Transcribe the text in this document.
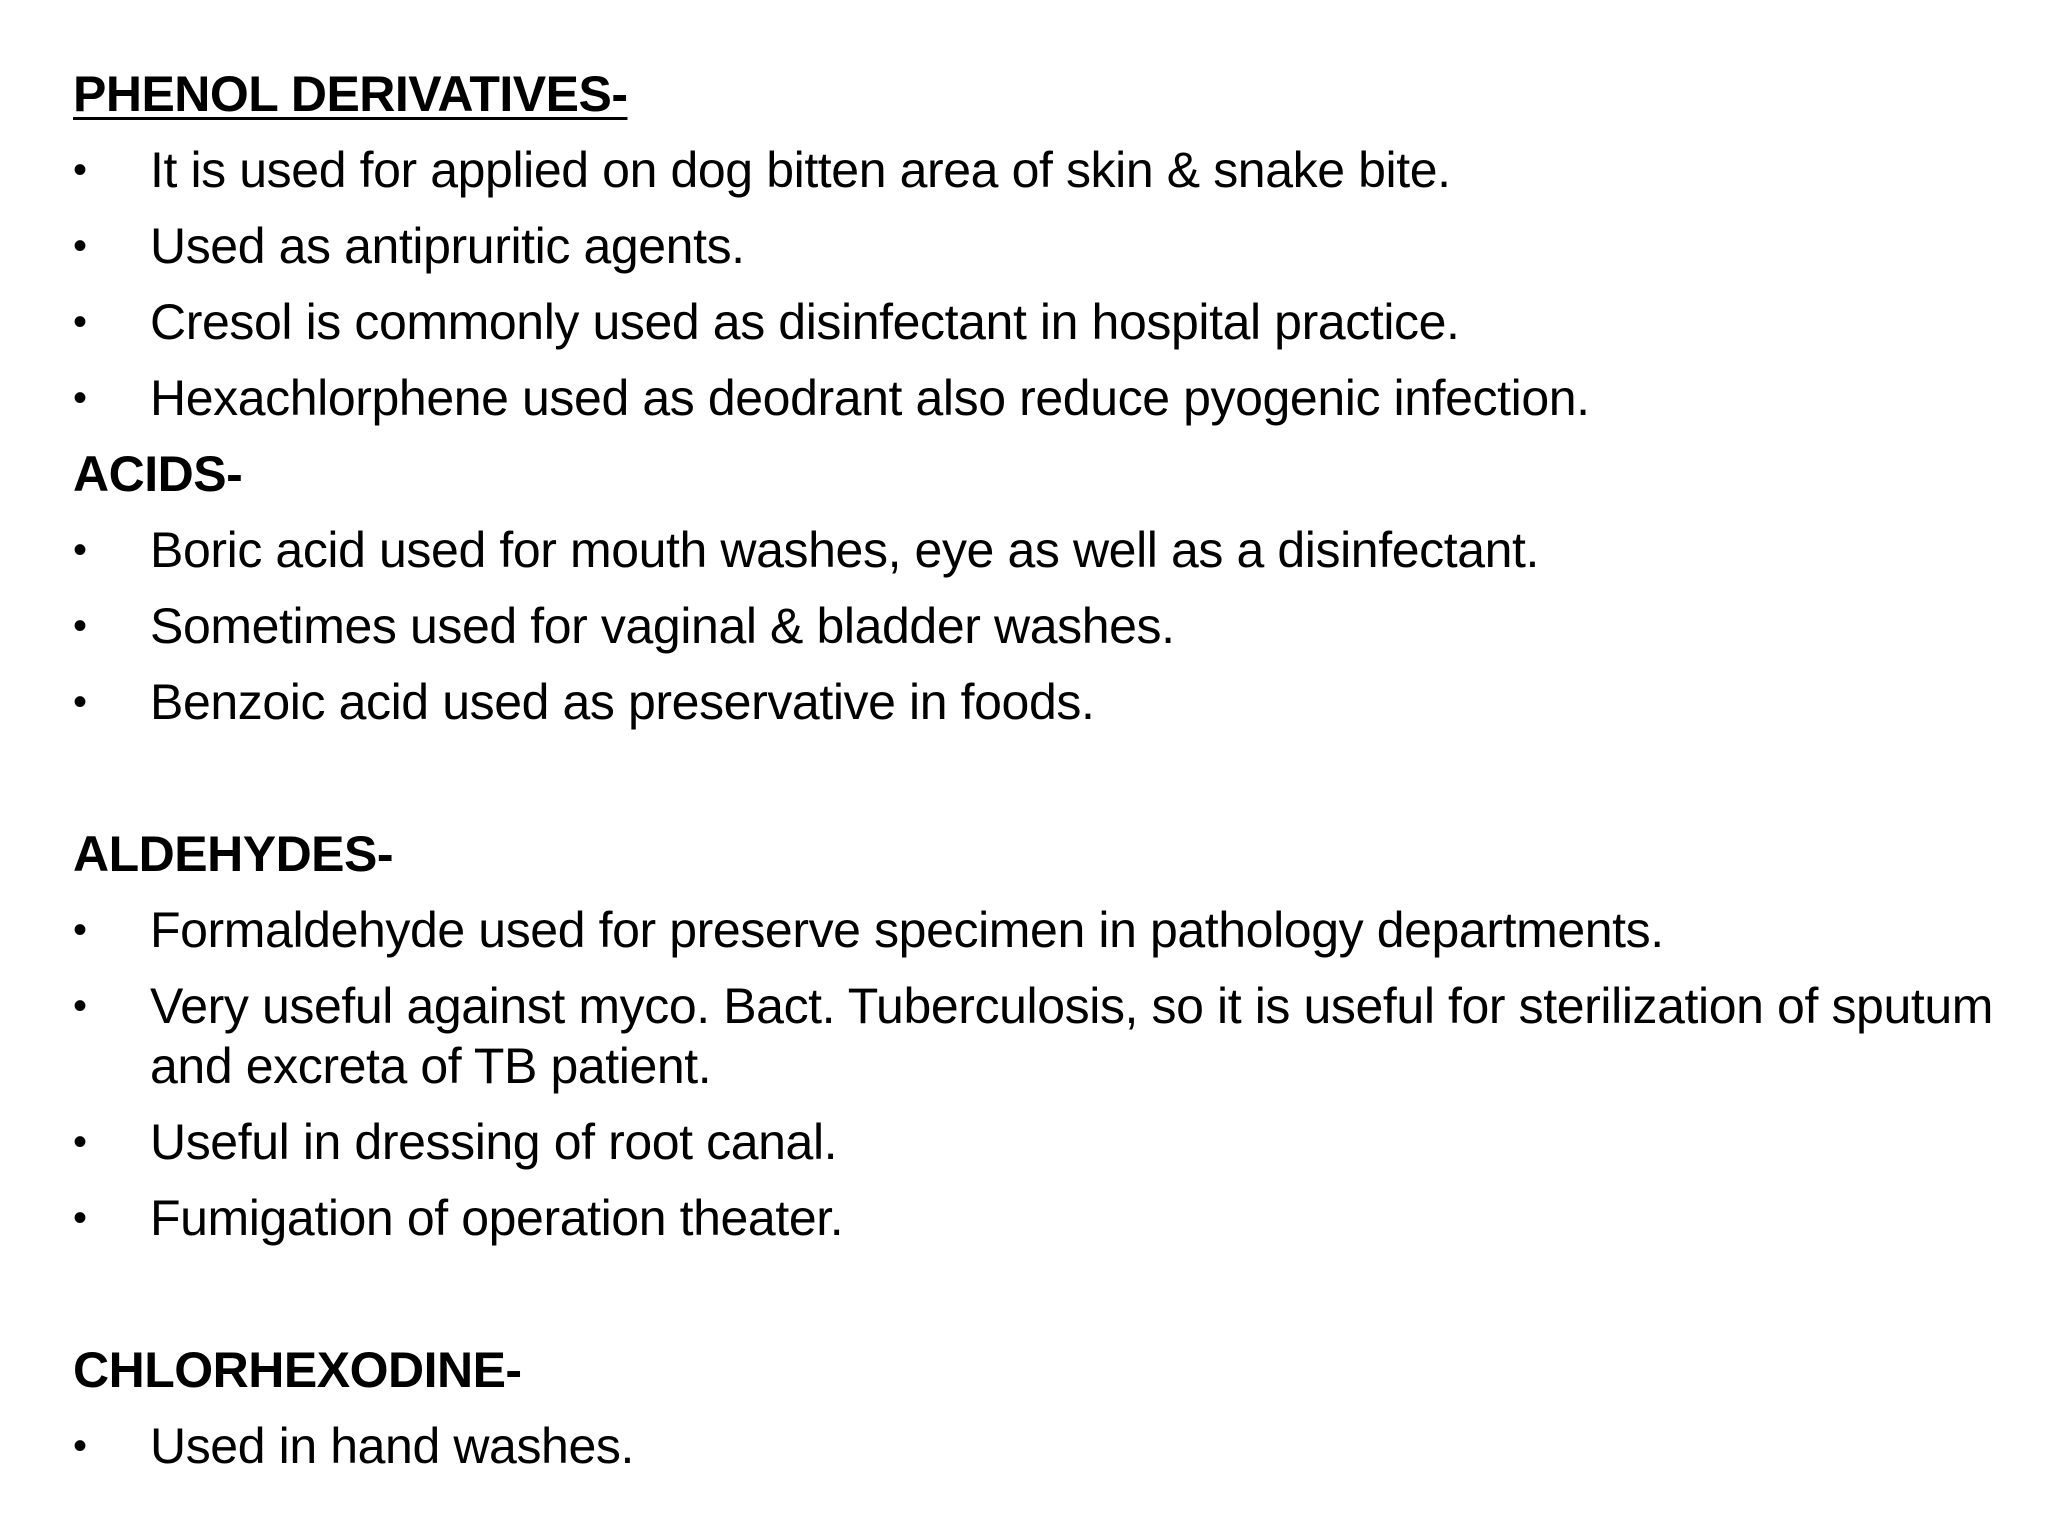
PHENOL DERIVATIVES-

•	It is used for applied on dog bitten area of skin & snake bite.
•	Used as antipruritic agents.
•	Cresol is commonly used as disinfectant in hospital practice.
•	Hexachlorphene used as deodrant also reduce pyogenic infection.

ACIDS-

•	Boric acid used for mouth washes, eye as well as a disinfectant.
•	Sometimes used for vaginal & bladder washes.
•	Benzoic acid used as preservative in foods.

ALDEHYDES-

•	Formaldehyde used for preserve specimen in pathology departments.
•	Very useful against myco. Bact. Tuberculosis, so it is useful for sterilization of sputum and excreta of TB patient.
•	Useful in dressing of root canal.
•	Fumigation of operation theater.

CHLORHEXODINE-

•	Used in hand washes.
